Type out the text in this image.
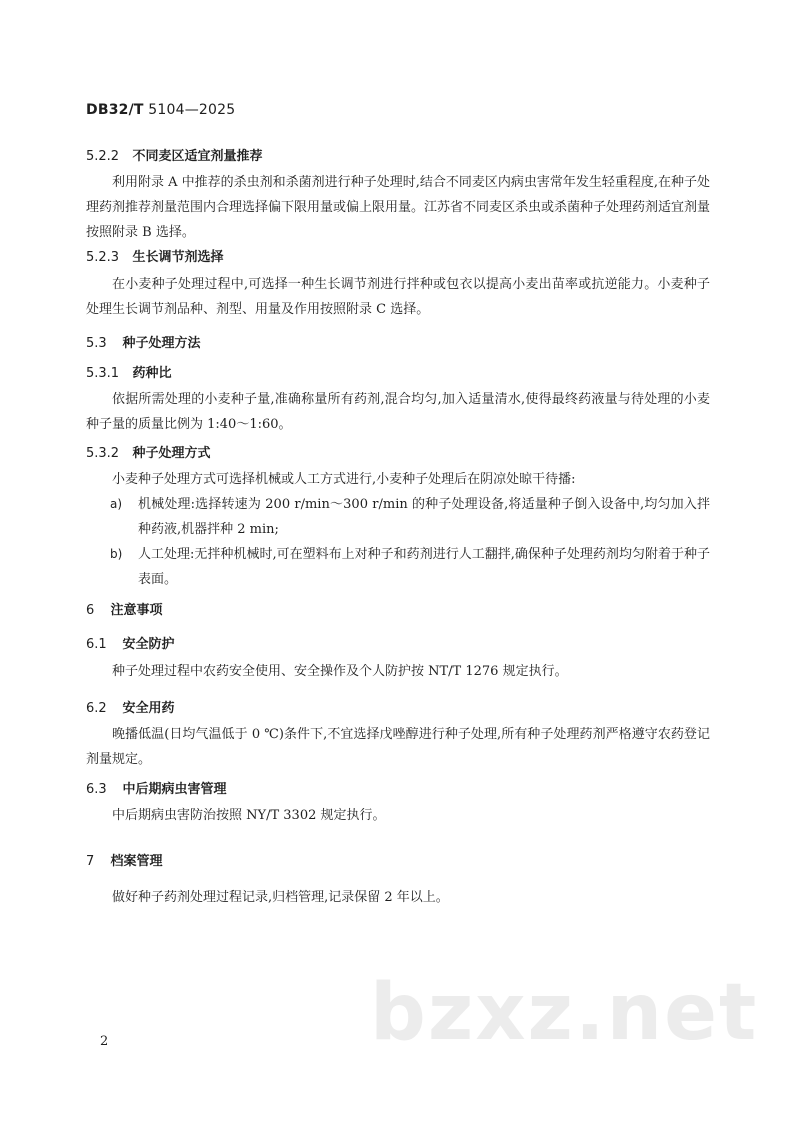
DB32/T 5104—2025
5.2.2 不同麦区适宜剂量推荐
利用附录 A 中推荐的杀虫剂和杀菌剂进行种子处理时,结合不同麦区内病虫害常年发生轻重程度,在种子处理药剂推荐剂量范围内合理选择偏下限用量或偏上限用量。江苏省不同麦区杀虫或杀菌种子处理药剂适宜剂量按照附录 B 选择。
5.2.3 生长调节剂选择
在小麦种子处理过程中,可选择一种生长调节剂进行拌种或包衣以提高小麦出苗率或抗逆能力。小麦种子处理生长调节剂品种、剂型、用量及作用按照附录 C 选择。
5.3 种子处理方法
5.3.1 药种比
依据所需处理的小麦种子量,准确称量所有药剂,混合均匀,加入适量清水,使得最终药液量与待处理的小麦种子量的质量比例为 1:40～1:60。
5.3.2 种子处理方式
小麦种子处理方式可选择机械或人工方式进行,小麦种子处理后在阴凉处晾干待播:
a)	机械处理:选择转速为 200 r/min～300 r/min 的种子处理设备,将适量种子倒入设备中,均匀加入拌种药液,机器拌种 2 min;
b)	人工处理:无拌种机械时,可在塑料布上对种子和药剂进行人工翻拌,确保种子处理药剂均匀附着于种子表面。
6 注意事项
6.1 安全防护
种子处理过程中农药安全使用、安全操作及个人防护按 NT/T 1276 规定执行。
6.2 安全用药
晚播低温(日均气温低于 0 ℃)条件下,不宜选择戊唑醇进行种子处理,所有种子处理药剂严格遵守农药登记剂量规定。
6.3 中后期病虫害管理
中后期病虫害防治按照 NY/T 3302 规定执行。
7 档案管理
做好种子药剂处理过程记录,归档管理,记录保留 2 年以上。
bzxz.net
2
